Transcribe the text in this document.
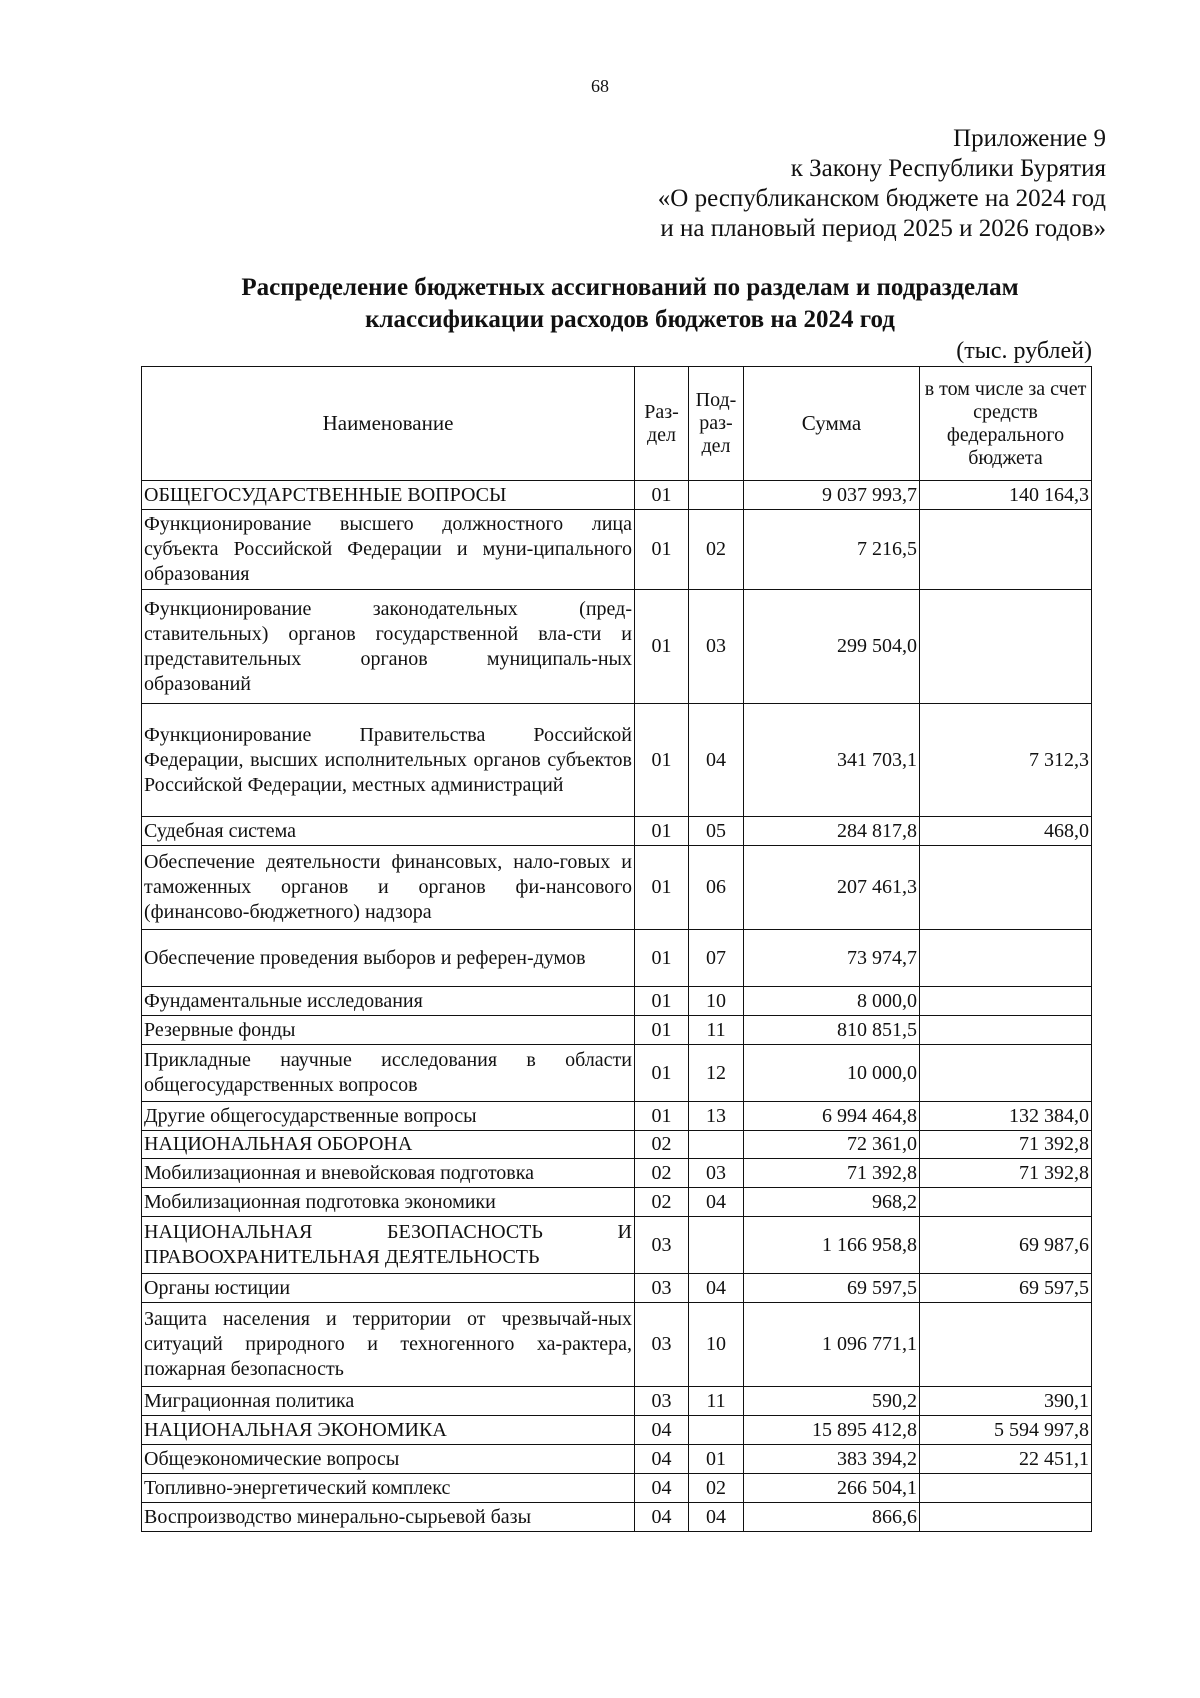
68
Приложение 9
к Закону Республики Бурятия
«О республиканском бюджете на 2024 год
и на плановый период 2025 и 2026 годов»
Распределение бюджетных ассигнований по разделам и подразделам
классификации расходов бюджетов на 2024 год
(тыс. рублей)
Наименование	Раз-дел	Под-раз-дел	Сумма	в том числе за счет средств федерального бюджета
ОБЩЕГОСУДАРСТВЕННЫЕ ВОПРОСЫ	01		9 037 993,7	140 164,3
Функционирование высшего должностного лица субъекта Российской Федерации и муни-ципального образования	01	02	7 216,5	
Функционирование законодательных (пред-ставительных) органов государственной вла-сти и представительных органов муниципаль-ных образований	01	03	299 504,0	
Функционирование Правительства Российской Федерации, высших исполнительных органов субъектов Российской Федерации, местных администраций	01	04	341 703,1	7 312,3
Судебная система	01	05	284 817,8	468,0
Обеспечение деятельности финансовых, нало-говых и таможенных органов и органов фи-нансового (финансово-бюджетного) надзора	01	06	207 461,3	
Обеспечение проведения выборов и референ-думов	01	07	73 974,7	
Фундаментальные исследования	01	10	8 000,0	
Резервные фонды	01	11	810 851,5	
Прикладные научные исследования в области общегосударственных вопросов	01	12	10 000,0	
Другие общегосударственные вопросы	01	13	6 994 464,8	132 384,0
НАЦИОНАЛЬНАЯ ОБОРОНА	02		72 361,0	71 392,8
Мобилизационная и вневойсковая подготовка	02	03	71 392,8	71 392,8
Мобилизационная подготовка экономики	02	04	968,2	
НАЦИОНАЛЬНАЯ БЕЗОПАСНОСТЬ И ПРАВООХРАНИТЕЛЬНАЯ ДЕЯТЕЛЬНОСТЬ	03		1 166 958,8	69 987,6
Органы юстиции	03	04	69 597,5	69 597,5
Защита населения и территории от чрезвычай-ных ситуаций природного и техногенного ха-рактера, пожарная безопасность	03	10	1 096 771,1	
Миграционная политика	03	11	590,2	390,1
НАЦИОНАЛЬНАЯ ЭКОНОМИКА	04		15 895 412,8	5 594 997,8
Общеэкономические вопросы	04	01	383 394,2	22 451,1
Топливно-энергетический комплекс	04	02	266 504,1	
Воспроизводство минерально-сырьевой базы	04	04	866,6	
